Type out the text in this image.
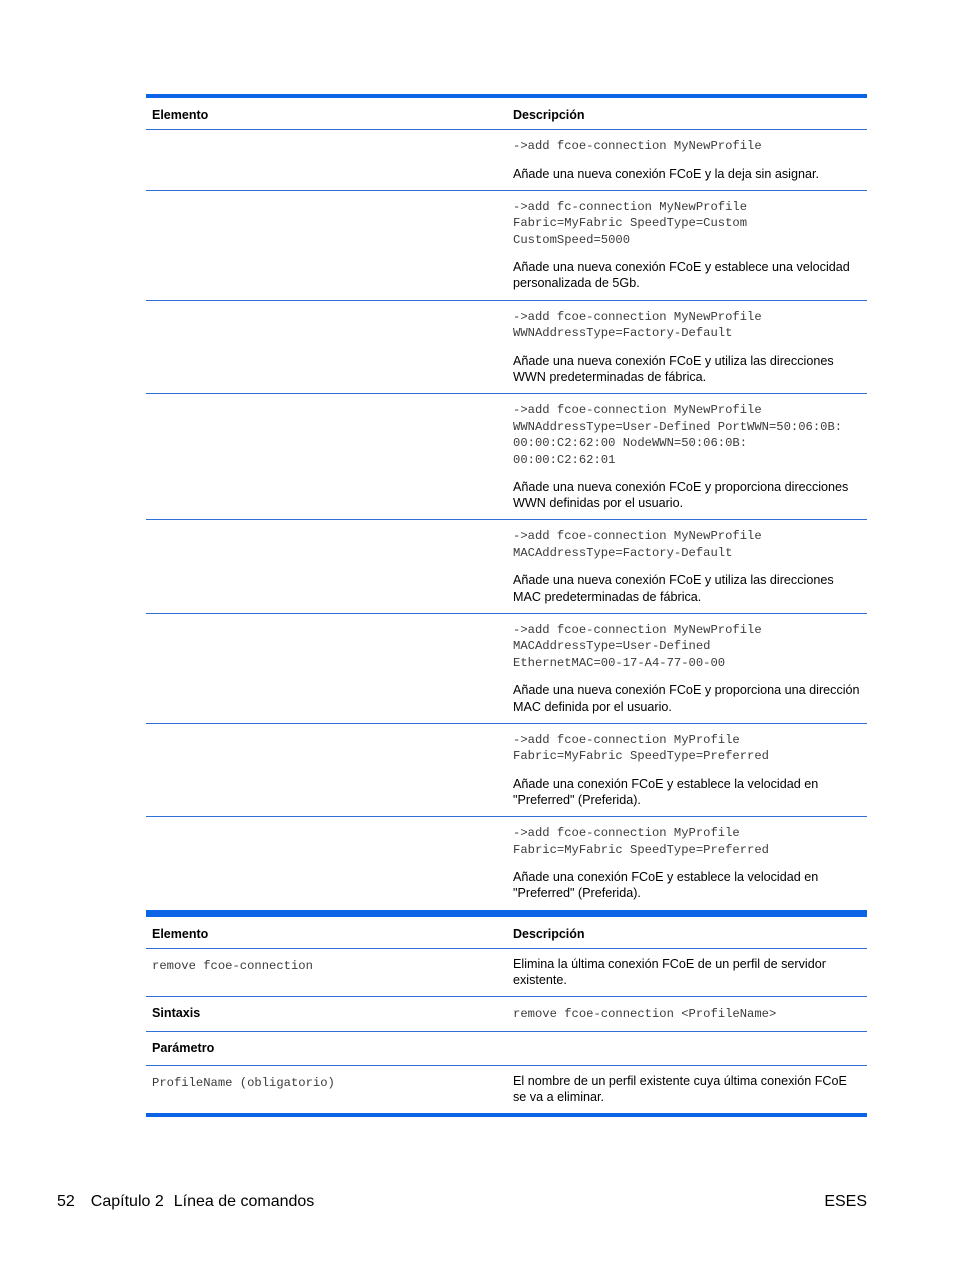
Elemento	Descripción
->add fcoe-connection MyNewProfile
Añade una nueva conexión FCoE y la deja sin asignar.
->add fc-connection MyNewProfile
Fabric=MyFabric SpeedType=Custom
CustomSpeed=5000
Añade una nueva conexión FCoE y establece una velocidad personalizada de 5Gb.
->add fcoe-connection MyNewProfile
WWNAddressType=Factory-Default
Añade una nueva conexión FCoE y utiliza las direcciones WWN predeterminadas de fábrica.
->add fcoe-connection MyNewProfile
WWNAddressType=User-Defined PortWWN=50:06:0B:
00:00:C2:62:00 NodeWWN=50:06:0B:
00:00:C2:62:01
Añade una nueva conexión FCoE y proporciona direcciones WWN definidas por el usuario.
->add fcoe-connection MyNewProfile
MACAddressType=Factory-Default
Añade una nueva conexión FCoE y utiliza las direcciones MAC predeterminadas de fábrica.
->add fcoe-connection MyNewProfile
MACAddressType=User-Defined
EthernetMAC=00-17-A4-77-00-00
Añade una nueva conexión FCoE y proporciona una dirección MAC definida por el usuario.
->add fcoe-connection MyProfile
Fabric=MyFabric SpeedType=Preferred
Añade una conexión FCoE y establece la velocidad en "Preferred" (Preferida).
->add fcoe-connection MyProfile
Fabric=MyFabric SpeedType=Preferred
Añade una conexión FCoE y establece la velocidad en "Preferred" (Preferida).
Elemento	Descripción
remove fcoe-connection	Elimina la última conexión FCoE de un perfil de servidor existente.
Sintaxis	remove fcoe-connection <ProfileName>
Parámetro
ProfileName (obligatorio)	El nombre de un perfil existente cuya última conexión FCoE se va a eliminar.
52 Capítulo 2 Línea de comandos	ESES
